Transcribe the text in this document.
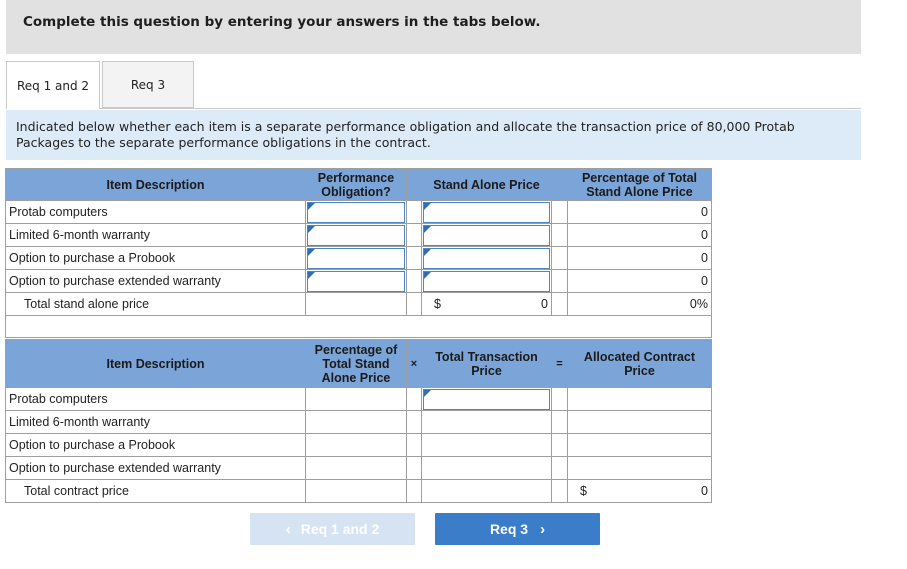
Complete this question by entering your answers in the tabs below.
Req 1 and 2	Req 3
Indicated below whether each item is a separate performance obligation and allocate the transaction price of 80,000 Protab Packages to the separate performance obligations in the contract.
Item Description	Performance Obligation?		Stand Alone Price		Percentage of Total Stand Alone Price
Protab computers					0
Limited 6-month warranty					0
Option to purchase a Probook					0
Option to purchase extended warranty					0
Total stand alone price			$ 0		0%

Item Description	Percentage of Total Stand Alone Price	×	Total Transaction Price	=	Allocated Contract Price
Protab computers			

Limited 6-month warranty					
Option to purchase a Probook					
Option to purchase extended warranty					
Total contract price					$ 0
‹ Req 1 and 2	Req 3 ›
